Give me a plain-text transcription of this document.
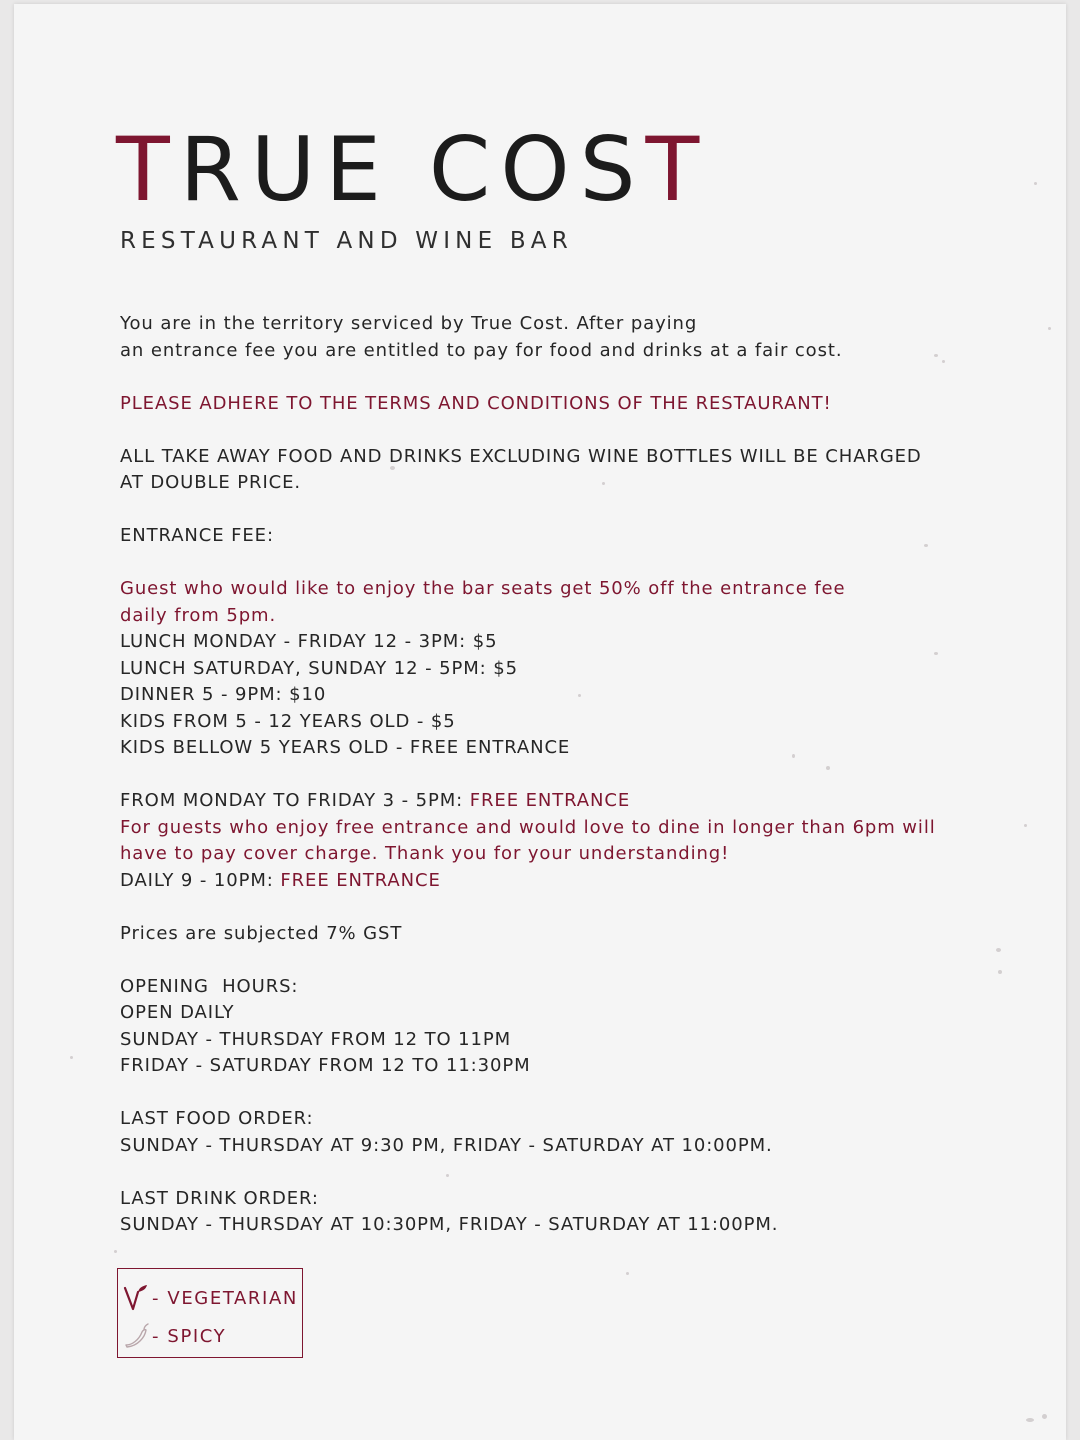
TRUE COST

RESTAURANT AND WINE BAR

You are in the territory serviced by True Cost. After paying

an entrance fee you are entitled to pay for food and drinks at a fair cost.

PLEASE ADHERE TO THE TERMS AND CONDITIONS OF THE RESTAURANT!

ALL TAKE AWAY FOOD AND DRINKS EXCLUDING WINE BOTTLES WILL BE CHARGED

AT DOUBLE PRICE.

ENTRANCE FEE:

Guest who would like to enjoy the bar seats get 50% off the entrance fee

daily from 5pm.

LUNCH MONDAY - FRIDAY 12 - 3PM: $5

LUNCH SATURDAY, SUNDAY 12 - 5PM: $5

DINNER 5 - 9PM: $10

KIDS FROM 5 - 12 YEARS OLD - $5

KIDS BELLOW 5 YEARS OLD - FREE ENTRANCE

FROM MONDAY TO FRIDAY 3 - 5PM: FREE ENTRANCE

For guests who enjoy free entrance and would love to dine in longer than 6pm will

have to pay cover charge. Thank you for your understanding!

DAILY 9 - 10PM: FREE ENTRANCE

Prices are subjected 7% GST

OPENING  HOURS:

OPEN DAILY

SUNDAY - THURSDAY FROM 12 TO 11PM

FRIDAY - SATURDAY FROM 12 TO 11:30PM

LAST FOOD ORDER:

SUNDAY - THURSDAY AT 9:30 PM, FRIDAY - SATURDAY AT 10:00PM.

LAST DRINK ORDER:

SUNDAY - THURSDAY AT 10:30PM, FRIDAY - SATURDAY AT 11:00PM.

- VEGETARIAN
- SPICY
